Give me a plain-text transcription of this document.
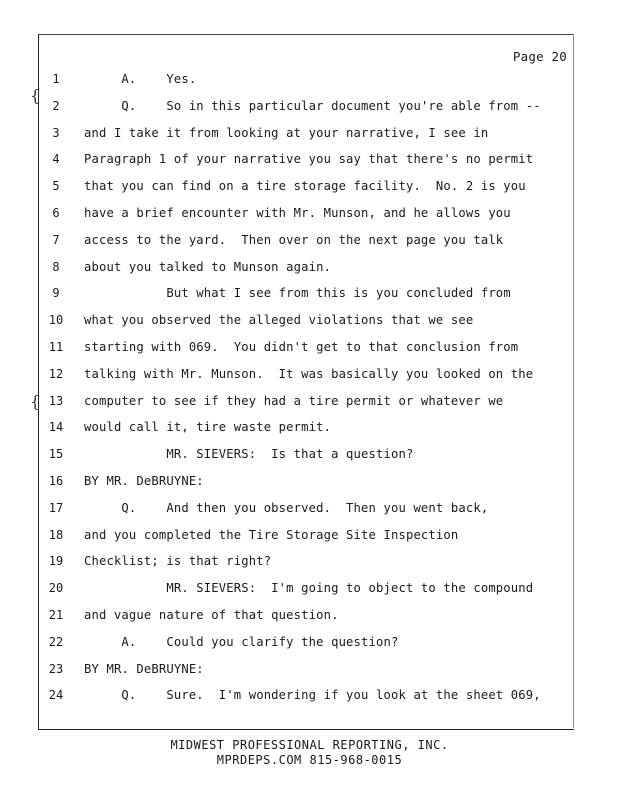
Page 20
1	A.    Yes.
2	Q.    So in this particular document you're able from --
3	and I take it from looking at your narrative, I see in
4	Paragraph 1 of your narrative you say that there's no permit
5	that you can find on a tire storage facility.  No. 2 is you
6	have a brief encounter with Mr. Munson, and he allows you
7	access to the yard.  Then over on the next page you talk
8	about you talked to Munson again.
9	But what I see from this is you concluded from
10 what you observed the alleged violations that we see
11 starting with 069.  You didn't get to that conclusion from
12 talking with Mr. Munson.  It was basically you looked on the
13 computer to see if they had a tire permit or whatever we
14 would call it, tire waste permit.
15 MR. SIEVERS:  Is that a question?
16 BY MR. DeBRUYNE:
17 Q.    And then you observed.  Then you went back,
18 and you completed the Tire Storage Site Inspection
19 Checklist; is that right?
20 MR. SIEVERS:  I'm going to object to the compound
21 and vague nature of that question.
22 A.    Could you clarify the question?
23 BY MR. DeBRUYNE:
24 Q.    Sure.  I'm wondering if you look at the sheet 069,
{
{
MIDWEST PROFESSIONAL REPORTING, INC.
MPRDEPS.COM 815-968-0015
